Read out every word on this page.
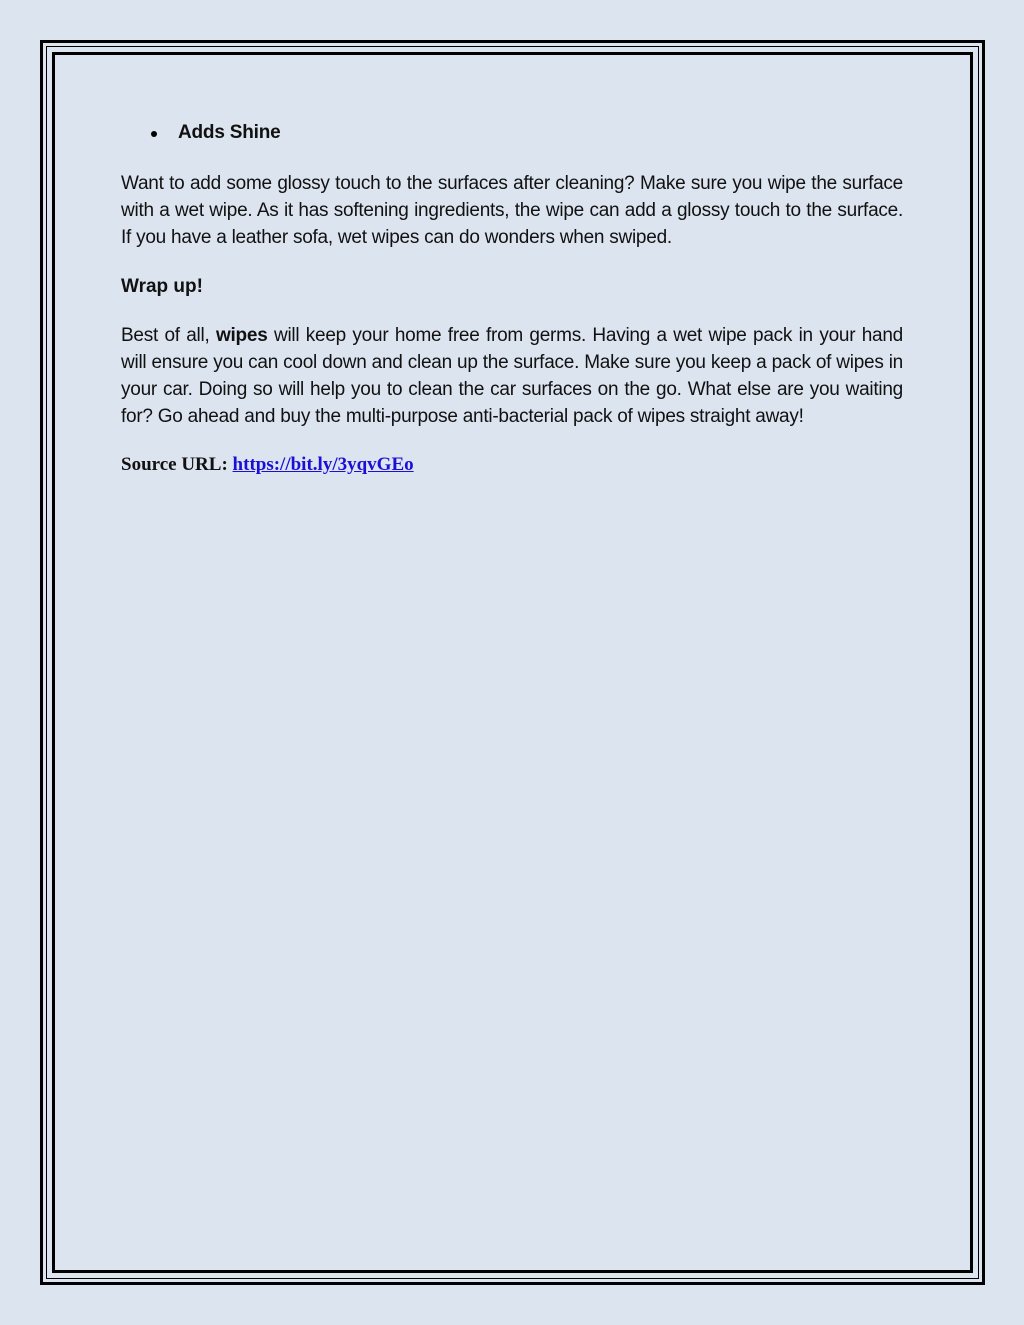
Adds Shine

Want to add some glossy touch to the surfaces after cleaning? Make sure you wipe the surface with a wet wipe. As it has softening ingredients, the wipe can add a glossy touch to the surface. If you have a leather sofa, wet wipes can do wonders when swiped.

Wrap up!

Best of all, wipes will keep your home free from germs. Having a wet wipe pack in your hand will ensure you can cool down and clean up the surface. Make sure you keep a pack of wipes in your car. Doing so will help you to clean the car surfaces on the go. What else are you waiting for? Go ahead and buy the multi-purpose anti-bacterial pack of wipes straight away!

Source URL: https://bit.ly/3yqvGEo
